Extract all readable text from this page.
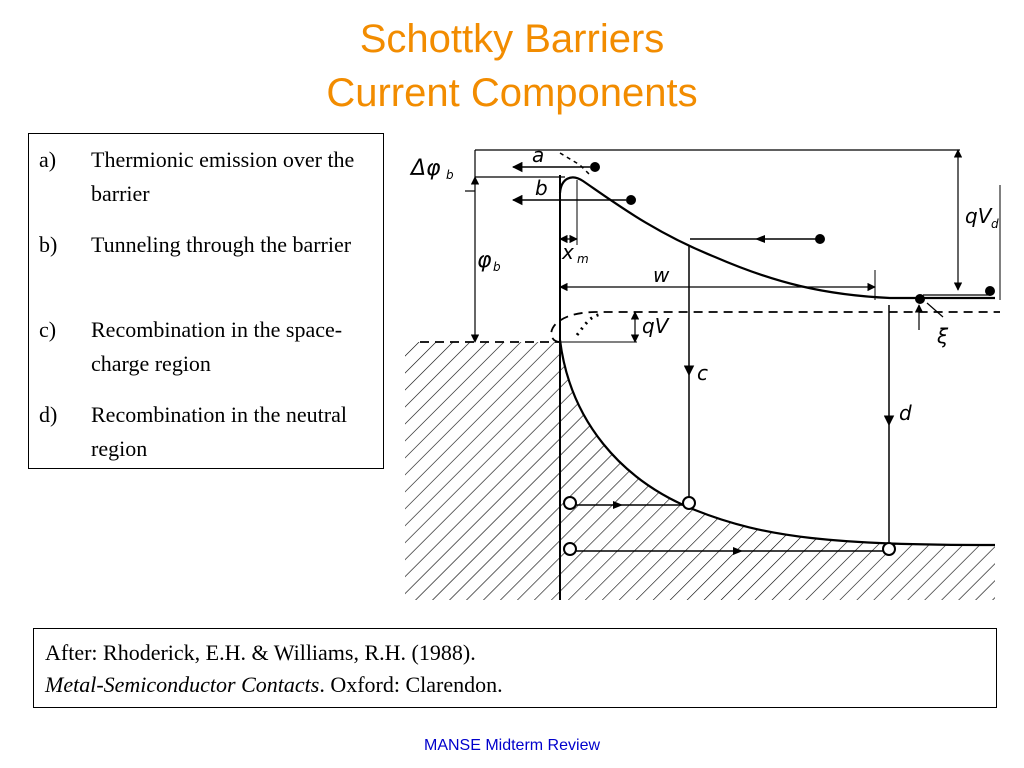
Schottky Barriers
Current Components
a) Thermionic emission over the barrier
b) Tunneling through the barrier
c) Recombination in the space-charge region
d) Recombination in the neutral region
Δφ b
φ b
a
b
x m
w
qV d
qV	ξ
c
d
After: Rhoderick, E.H. & Williams, R.H. (1988).
Metal-Semiconductor Contacts. Oxford: Clarendon.
MANSE Midterm Review
